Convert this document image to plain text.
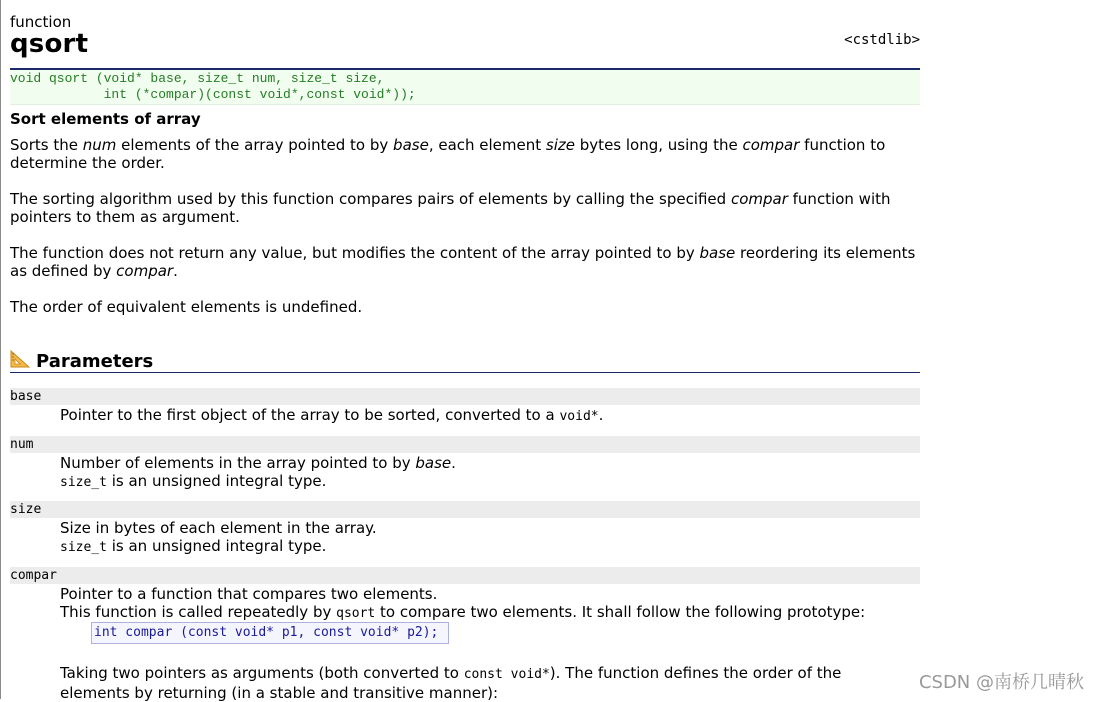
function
qsort	<cstdlib>
void qsort (void* base, size_t num, size_t size,
int (*compar)(const void*,const void*));
Sort elements of array
Sorts the num elements of the array pointed to by base, each element size bytes long, using the compar function to determine the order.
The sorting algorithm used by this function compares pairs of elements by calling the specified compar function with pointers to them as argument.
The function does not return any value, but modifies the content of the array pointed to by base reordering its elements as defined by compar.
The order of equivalent elements is undefined.
Parameters
base
Pointer to the first object of the array to be sorted, converted to a void*.
num
Number of elements in the array pointed to by base.
size_t is an unsigned integral type.
size
Size in bytes of each element in the array.
size_t is an unsigned integral type.
compar
Pointer to a function that compares two elements.
This function is called repeatedly by qsort to compare two elements. It shall follow the following prototype:
int compar (const void* p1, const void* p2);
Taking two pointers as arguments (both converted to const void*). The function defines the order of the
elements by returning (in a stable and transitive manner):	CSDN @南桥几晴秋
